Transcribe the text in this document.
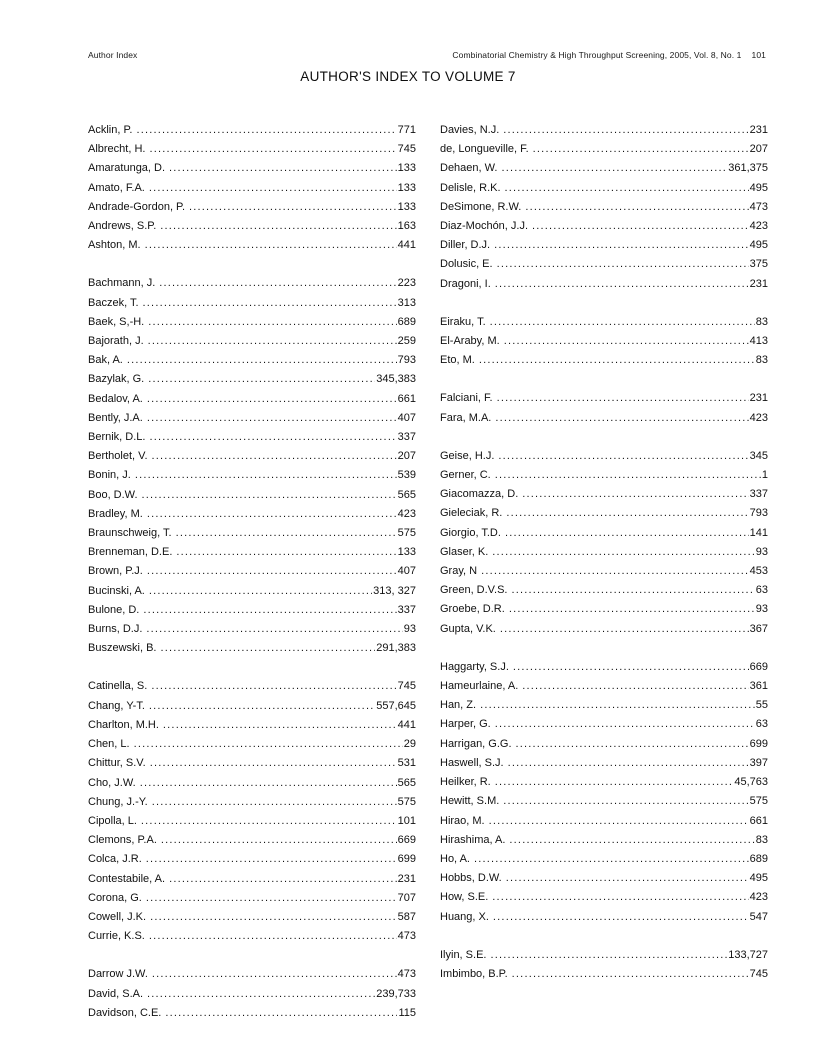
Author Index	Combinatorial Chemistry & High Throughput Screening, 2005, Vol. 8, No. 1 101
AUTHOR'S INDEX TO VOLUME 7
Acklin, P. .....	771
Albrecht, H. .....	745
Amaratunga, D. .....	133
Amato, F.A. .....	133
Andrade-Gordon, P. .....	133
Andrews, S.P. .....	163
Ashton, M. .....	441
Bachmann, J. .....	223
Baczek, T. .....	313
Baek, S,-H. .....	689
Bajorath, J. .....	259
Bak, A. .....	793
Bazylak, G. .....	345,383
Bedalov, A. .....	661
Bently, J.A. .....	407
Bernik, D.L. .....	337
Bertholet, V. .....	207
Bonin, J. .....	539
Boo, D.W. .....	565
Bradley, M. .....	423
Braunschweig, T. .....	575
Brenneman, D.E. .....	133
Brown, P.J. .....	407
Bucinski, A. .....	313, 327
Bulone, D. .....	337
Burns, D.J. .....	93
Buszewski, B. .....	291,383
Catinella, S. .....	745
Chang, Y-T. .....	557,645
Charlton, M.H. .....	441
Chen, L. .....	29
Chittur, S.V. .....	531
Cho, J.W. .....	565
Chung, J.-Y. .....	575
Cipolla, L. .....	101
Clemons, P.A. .....	669
Colca, J.R. .....	699
Contestabile, A. .....	231
Corona, G. .....	707
Cowell, J.K. .....	587
Currie, K.S. .....	473
Darrow J.W. .....	473
David, S.A. .....	239,733
Davidson, C.E. .....	115
Davies, N.J. .....	231
de, Longueville, F. .....	207
Dehaen, W. .....	361,375
Delisle, R.K. .....	495
DeSimone, R.W. .....	473
Diaz-Mochón, J.J. .....	423
Diller, D.J. .....	495
Dolusic, E. .....	375
Dragoni, I. .....	231
Eiraku, T. .....	83
El-Araby, M. .....	413
Eto, M. .....	83
Falciani, F. .....	231
Fara, M.A. .....	423
Geise, H.J. .....	345
Gerner, C. .....	1
Giacomazza, D. .....	337
Gieleciak, R. .....	793
Giorgio, T.D. .....	141
Glaser, K. .....	93
Gray, N .....	453
Green, D.V.S. .....	63
Groebe, D.R. .....	93
Gupta, V.K. .....	367
Haggarty, S.J. .....	669
Hameurlaine, A. .....	361
Han, Z. .....	55
Harper, G. .....	63
Harrigan, G.G. .....	699
Haswell, S.J. .....	397
Heilker, R. .....	45,763
Hewitt, S.M. .....	575
Hirao, M. .....	661
Hirashima, A. .....	83
Ho, A. .....	689
Hobbs, D.W. .....	495
How, S.E. .....	423
Huang, X. .....	547
Ilyin, S.E. .....	133,727
Imbimbo, B.P. .....	745
